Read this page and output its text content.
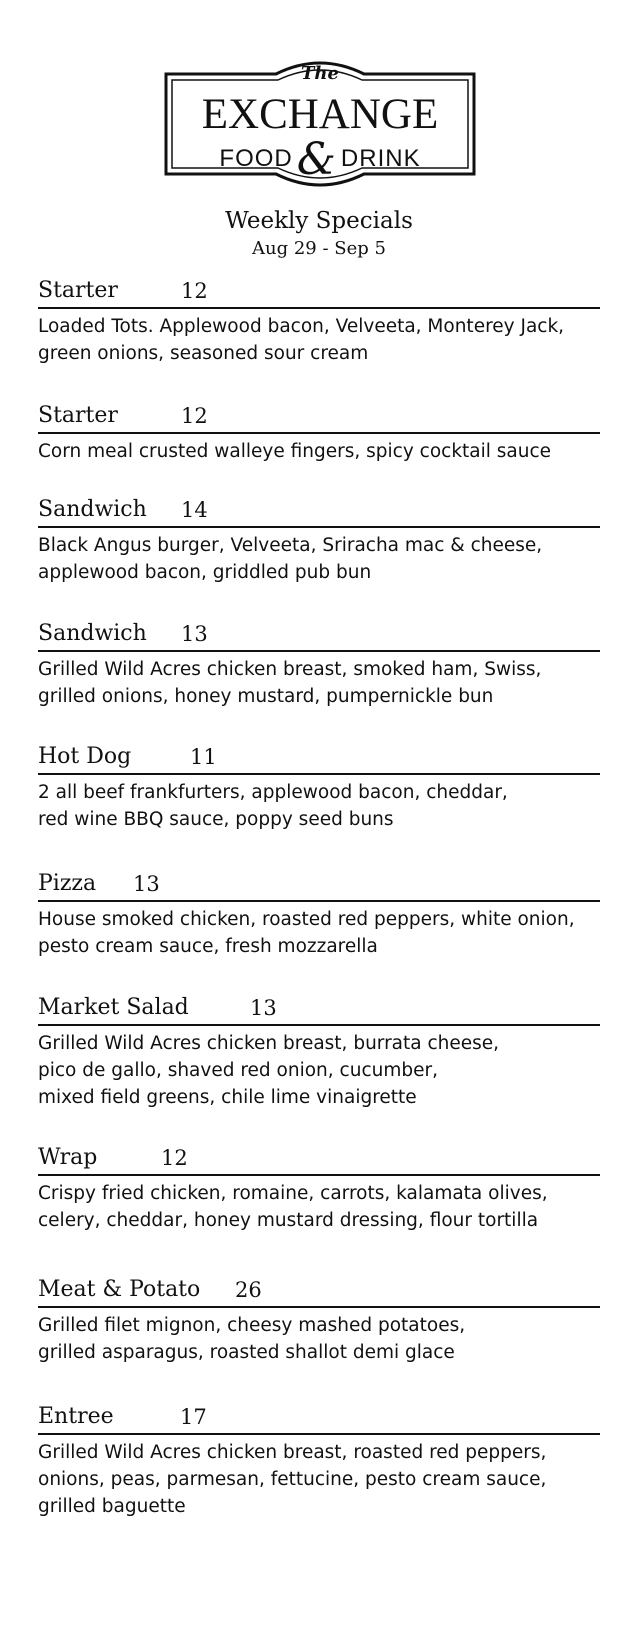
The
EXCHANGE
FOOD& DRINK
Weekly Specials
Aug 29 - Sep 5
Starter	12
Loaded Tots. Applewood bacon, Velveeta, Monterey Jack,
green onions, seasoned sour cream
Starter	12
Corn meal crusted walleye fingers, spicy cocktail sauce
Sandwich 14
Black Angus burger, Velveeta, Sriracha mac & cheese,
applewood bacon, griddled pub bun
Sandwich 13
Grilled Wild Acres chicken breast, smoked ham, Swiss,
grilled onions, honey mustard, pumpernickle bun
Hot Dog	11
2 all beef frankfurters, applewood bacon, cheddar,
red wine BBQ sauce, poppy seed buns
Pizza 13
House smoked chicken, roasted red peppers, white onion,
pesto cream sauce, fresh mozzarella
Market Salad	13
Grilled Wild Acres chicken breast, burrata cheese,
pico de gallo, shaved red onion, cucumber,
mixed field greens, chile lime vinaigrette
Wrap	12
Crispy fried chicken, romaine, carrots, kalamata olives,
celery, cheddar, honey mustard dressing, flour tortilla
Meat & Potato 26
Grilled filet mignon, cheesy mashed potatoes,
grilled asparagus, roasted shallot demi glace
Entree	17
Grilled Wild Acres chicken breast, roasted red peppers,
onions, peas, parmesan, fettucine, pesto cream sauce,
grilled baguette
